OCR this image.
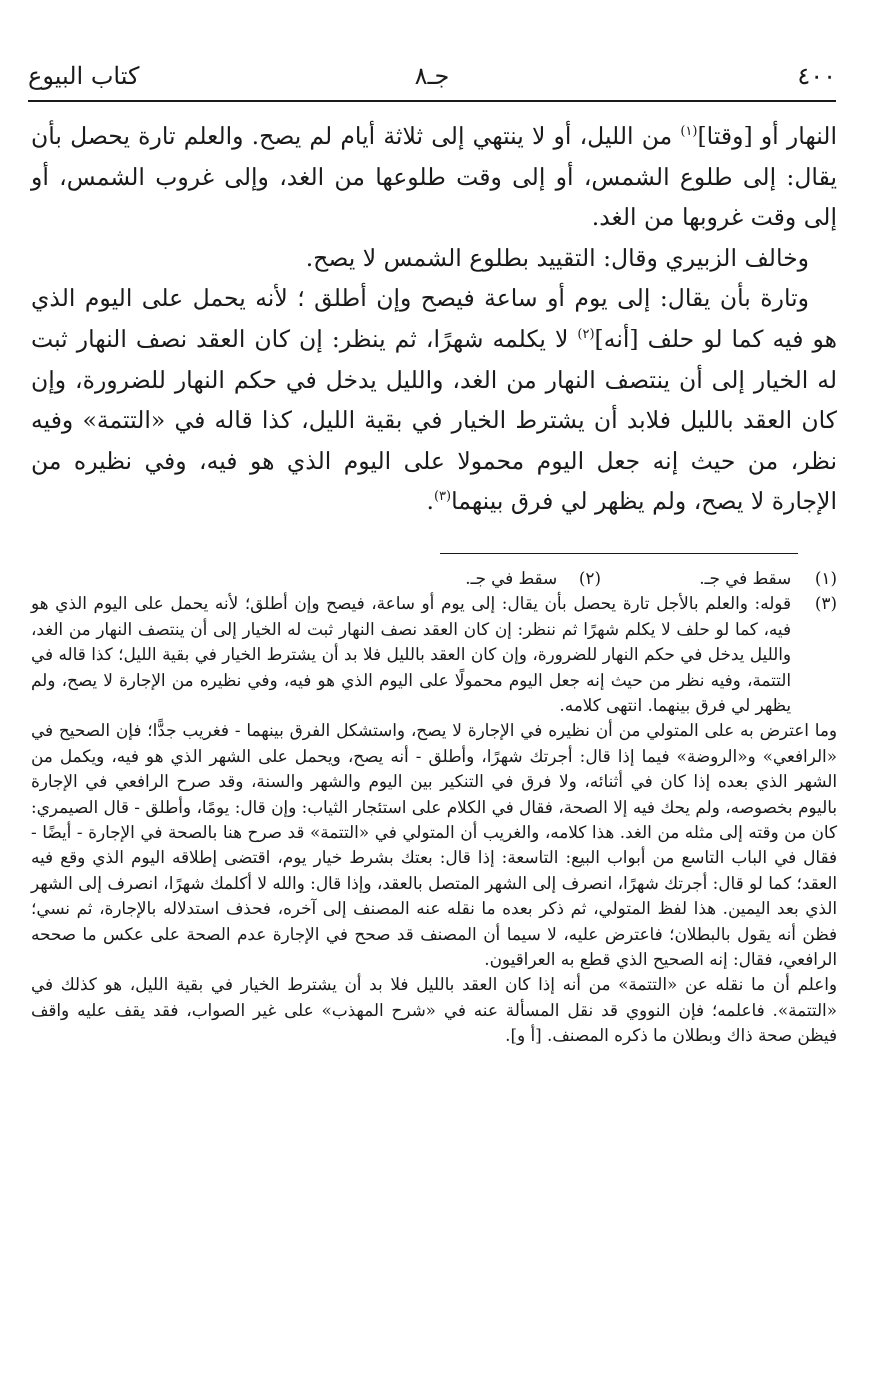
٤٠٠
جـ٨
كتاب البيوع

النهار أو [وقتا]$^{(١)}$ من الليل، أو لا ينتهي إلى ثلاثة أيام لم يصح. والعلم تارة يحصل بأن يقال: إلى طلوع الشمس، أو إلى وقت طلوعها من الغد، وإلى غروب الشمس، أو إلى وقت غروبها من الغد.

وخالف الزبيري وقال: التقييد بطلوع الشمس لا يصح.

وتارة بأن يقال: إلى يوم أو ساعة فيصح وإن أطلق ؛ لأنه يحمل على اليوم الذي هو فيه كما لو حلف [أنه]$^{(٢)}$ لا يكلمه شهرًا، ثم ينظر: إن كان العقد نصف النهار ثبت له الخيار إلى أن ينتصف النهار من الغد، والليل يدخل في حكم النهار للضرورة، وإن كان العقد بالليل فلابد أن يشترط الخيار في بقية الليل، كذا قاله في «التتمة» وفيه نظر، من حيث إنه جعل اليوم محمولا على اليوم الذي هو فيه، وفي نظيره من الإجارة لا يصح، ولم يظهر لي فرق بينهما$^{(٣)}$.

(١)
سقط في جـ.
(٢)
سقط في جـ.
(٣)
قوله: والعلم بالأجل تارة يحصل بأن يقال: إلى يوم أو ساعة، فيصح وإن أطلق؛ لأنه يحمل على اليوم الذي هو فيه، كما لو حلف لا يكلم شهرًا ثم ننظر: إن كان العقد نصف النهار ثبت له الخيار إلى أن ينتصف النهار من الغد، والليل يدخل في حكم النهار للضرورة، وإن كان العقد بالليل فلا بد أن يشترط الخيار في بقية الليل؛ كذا قاله في التتمة، وفيه نظر من حيث إنه جعل اليوم محمولًا على اليوم الذي هو فيه، وفي نظيره من الإجارة لا يصح، ولم يظهر لي فرق بينهما. انتهى كلامه.
وما اعترض به على المتولي من أن نظيره في الإجارة لا يصح، واستشكل الفرق بينهما - فغريب جدًّا؛ فإن الصحيح في «الرافعي» و«الروضة» فيما إذا قال: أجرتك شهرًا، وأطلق - أنه يصح، ويحمل على الشهر الذي هو فيه، ويكمل من الشهر الذي بعده إذا كان في أثنائه، ولا فرق في التنكير بين اليوم والشهر والسنة، وقد صرح الرافعي في الإجارة باليوم بخصوصه، ولم يحك فيه إلا الصحة، فقال في الكلام على استئجار الثياب: وإن قال: يومًا، وأطلق - قال الصيمري: كان من وقته إلى مثله من الغد. هذا كلامه، والغريب أن المتولي في «التتمة» قد صرح هنا بالصحة في الإجارة - أيضًا - فقال في الباب التاسع من أبواب البيع: التاسعة: إذا قال: بعتك بشرط خيار يوم، اقتضى إطلاقه اليوم الذي وقع فيه العقد؛ كما لو قال: أجرتك شهرًا، انصرف إلى الشهر المتصل بالعقد، وإذا قال: والله لا أكلمك شهرًا، انصرف إلى الشهر الذي بعد اليمين. هذا لفظ المتولي، ثم ذكر بعده ما نقله عنه المصنف إلى آخره، فحذف استدلاله بالإجارة، ثم نسي؛ فظن أنه يقول بالبطلان؛ فاعترض عليه، لا سيما أن المصنف قد صحح في الإجارة عدم الصحة على عكس ما صححه الرافعي، فقال: إنه الصحيح الذي قطع به العراقيون.
واعلم أن ما نقله عن «التتمة» من أنه إذا كان العقد بالليل فلا بد أن يشترط الخيار في بقية الليل، هو كذلك في «التتمة». فاعلمه؛ فإن النووي قد نقل المسألة عنه في «شرح المهذب» على غير الصواب، فقد يقف عليه واقف فيظن صحة ذاك وبطلان ما ذكره المصنف. [أ و].
